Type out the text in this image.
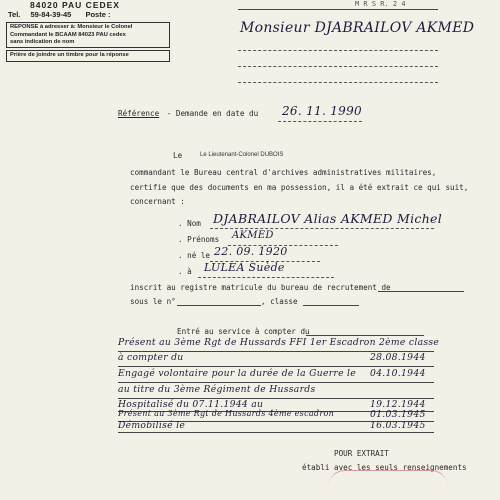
84020 PAU CEDEX
Tel. 59-84-39-45 Poste :
REPONSE à adresser à: Monsieur le Colonel
Commandant le BCAAM 84023 PAU cedex
sans indication de nom
Prière de joindre un timbre pour la réponse
M R S R. 2 4
Monsieur DJABRAILOV AKMED
Référence - Demande en date du 26. 11. 1990
Le	Le Lieutenant-Colonel DUBOIS
commandant le Bureau central d'archives administratives militaires,
certifie que des documents en ma possession, il a été extrait ce qui suit,
concernant :
. Nom DJABRAILOV Alias AKMED Michel
. Prénoms AKMED
. né le 22. 09. 1920
. à LULEA Suède
inscrit au registre matricule du bureau de recrutement de
sous le n°	, classe
Entré au service à compter du
Présent au 3ème Rgt de Hussards FFI 1er Escadron 2ème classe
à compter du	28.08.1944
Engagé volontaire pour la durée de la Guerre le 04.10.1944
au titre du 3ème Régiment de Hussards
Hospitalisé du 07.11.1944 au	19.12.1944
Présent au 3ème Rgt de Hussards 4ème escadron	01.03.1945
Démobilisé le	16.03.1945
POUR EXTRAIT
établi avec les seuls renseignements
